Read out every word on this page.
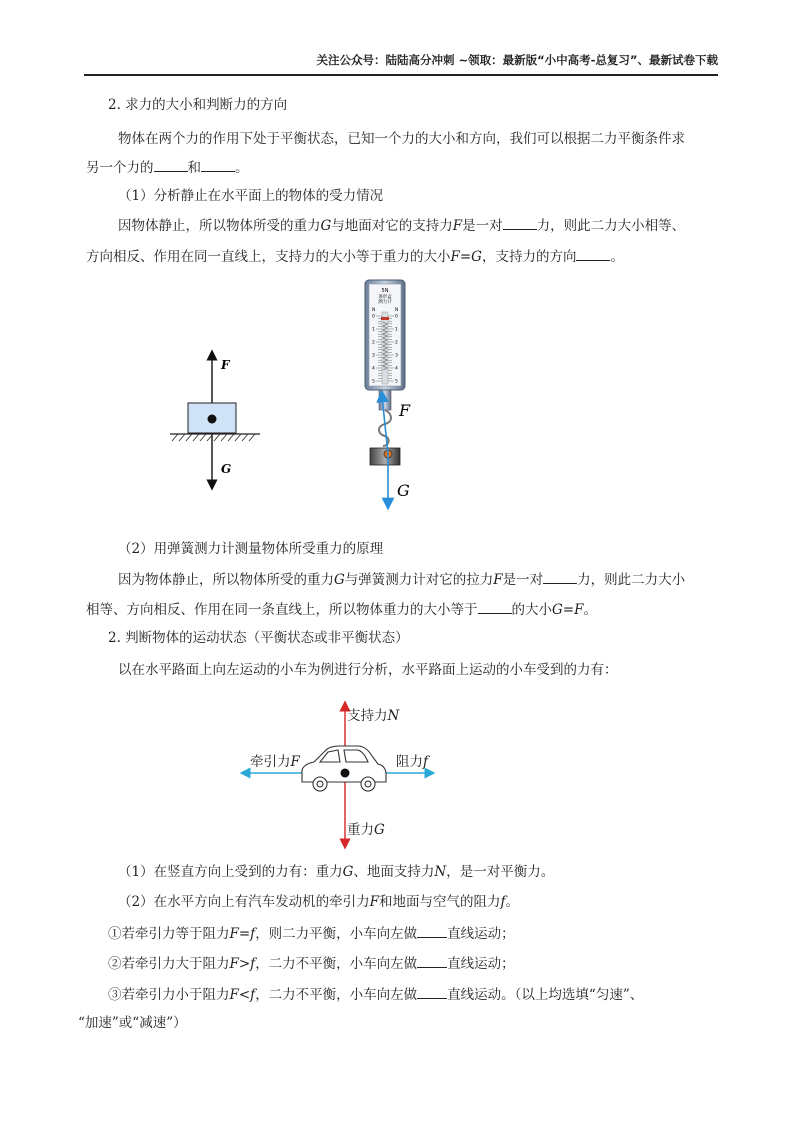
关注公众号：陆陆高分冲刺 ~领取：最新版“小中高考-总复习”、最新试卷下载
2. 求力的大小和判断力的方向
物体在两个力的作用下处于平衡状态，已知一个力的大小和方向，我们可以根据二力平衡条件求
另一个力的	和	。
（1）分析静止在水平面上的物体的受力情况
因物体静止，所以物体所受的重力G与地面对它的支持力F是一对	力，则此二力大小相等、
方向相反、作用在同一直线上，支持力的大小等于重力的大小F=G，支持力的方向	。
F
G
5N
条形盒
测力计
N	N
0	0
1	1
2	2
3	3
4	4
5	5
F
G
（2）用弹簧测力计测量物体所受重力的原理
因为物体静止，所以物体所受的重力G与弹簧测力计对它的拉力F是一对	力，则此二力大小
相等、方向相反、作用在同一条直线上，所以物体重力的大小等于	的大小G=F。
2. 判断物体的运动状态（平衡状态或非平衡状态）
以在水平路面上向左运动的小车为例进行分析，水平路面上运动的小车受到的力有：
支持力N
牵引力F	阻力f
重力G
（1）在竖直方向上受到的力有：重力G、地面支持力N，是一对平衡力。
（2）在水平方向上有汽车发动机的牵引力F和地面与空气的阻力f。
①若牵引力等于阻力F=f，则二力平衡，小车向左做 直线运动；
②若牵引力大于阻力F>f，二力不平衡，小车向左做 直线运动；
③若牵引力小于阻力F<f，二力不平衡，小车向左做 直线运动。（以上均选填“匀速”、
“加速”或“减速”）
